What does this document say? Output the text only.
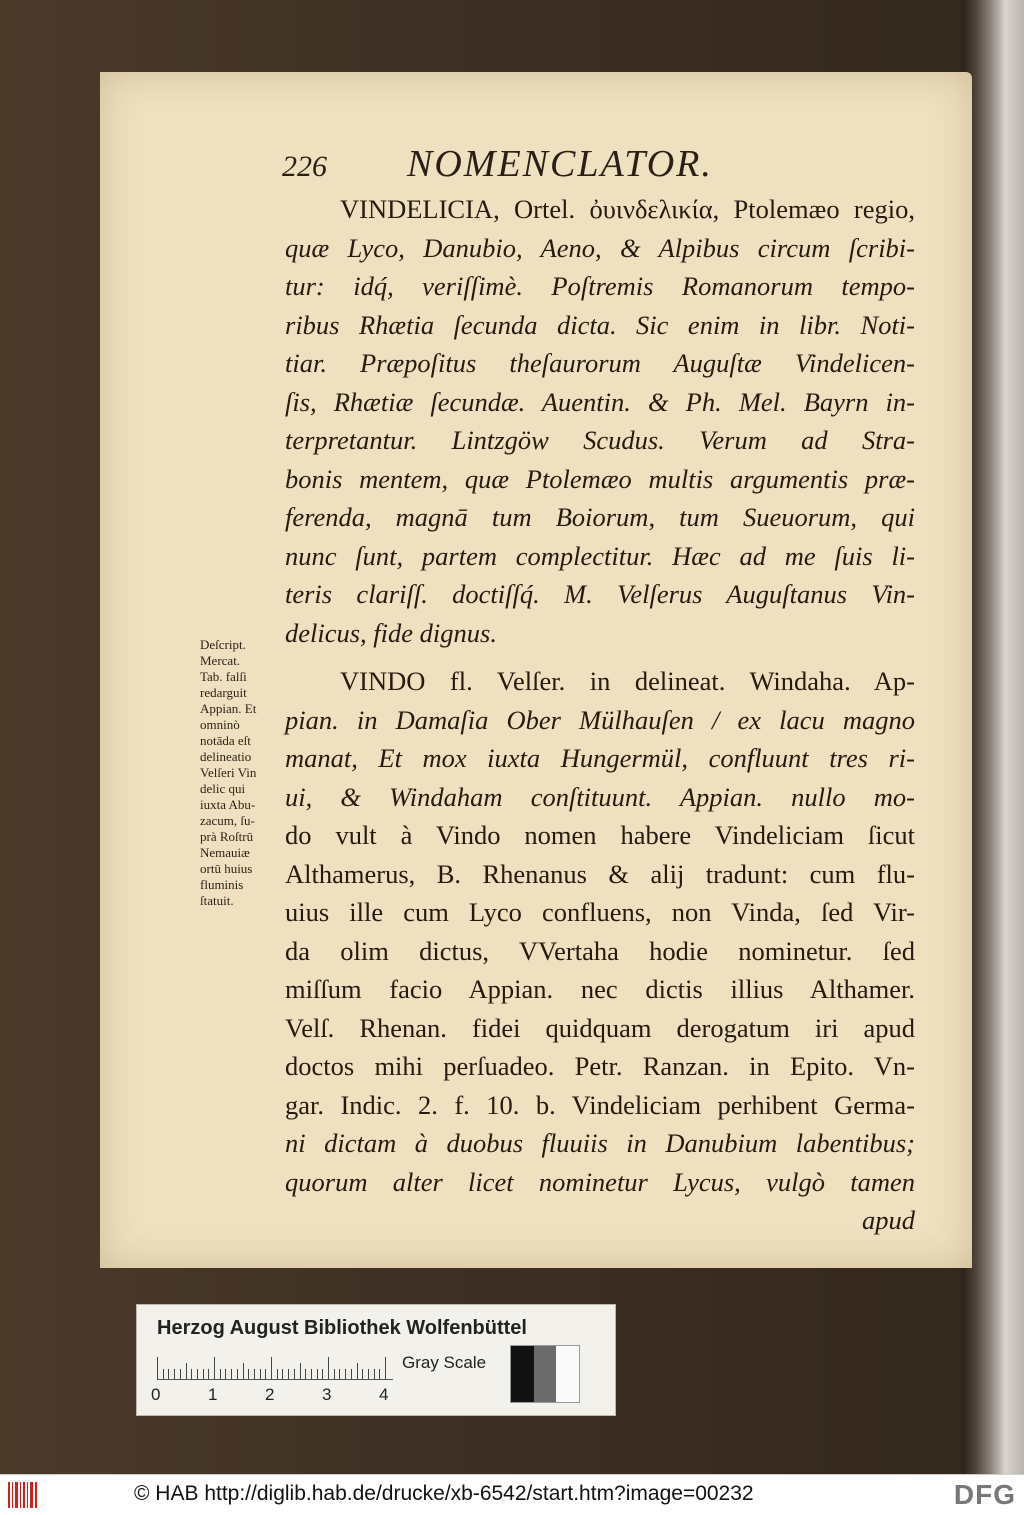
226 NOMENCLATOR.
Deſcript.
Mercat.
Tab. falſi
redarguit
Appian. Et
omninò
notāda eſt
delineatio
Velſeri Vin
delic qui
iuxta Abu-
zacum, ſu-
prà Roſtrū
Nemauiæ
ortū huius
fluminis
ſtatuit.
VINDELICIA, Ortel. ὀυινδελικία, Ptolemæo regio,
quæ Lyco, Danubio, Aeno, & Alpibus circum ſcribi-
tur: idq́, veriſſimè. Poſtremis Romanorum tempo-
ribus Rhætia ſecunda dicta. Sic enim in libr. Noti-
tiar. Præpoſitus theſaurorum Auguſtæ Vindelicen-
ſis, Rhætiæ ſecundæ. Auentin. & Ph. Mel. Bayrn in-
terpretantur. Lintzgöw Scudus. Verum ad Stra-
bonis mentem, quæ Ptolemæo multis argumentis præ-
ferenda, magnā tum Boiorum, tum Sueuorum, qui
nunc ſunt, partem complectitur. Hæc ad me ſuis li-
teris clariſſ. doctiſſq́. M. Velſerus Auguſtanus Vin-
delicus, fide dignus.
VINDO fl. Velſer. in delineat. Windaha. Ap-
pian. in Damaſia Ober Mülhauſen / ex lacu magno
manat, Et mox iuxta Hungermül, confluunt tres ri-
ui, & Windaham conſtituunt. Appian. nullo mo-
do vult à Vindo nomen habere Vindeliciam ſicut
Althamerus, B. Rhenanus & alij tradunt: cum flu-
uius ille cum Lyco confluens, non Vinda, ſed Vir-
da olim dictus, VVertaha hodie nominetur. ſed
miſſum facio Appian. nec dictis illius Althamer.
Velſ. Rhenan. fidei quidquam derogatum iri apud
doctos mihi perſuadeo. Petr. Ranzan. in Epito. Vn-
gar. Indic. 2. f. 10. b. Vindeliciam perhibent Germa-
ni dictam à duobus fluuiis in Danubium labentibus;
quorum alter licet nominetur Lycus, vulgò tamen
apud
Herzog August Bibliothek Wolfenbüttel
0	1	2	3	4
Gray Scale
© HAB http://diglib.hab.de/drucke/xb-6542/start.htm?image=00232	DFG
